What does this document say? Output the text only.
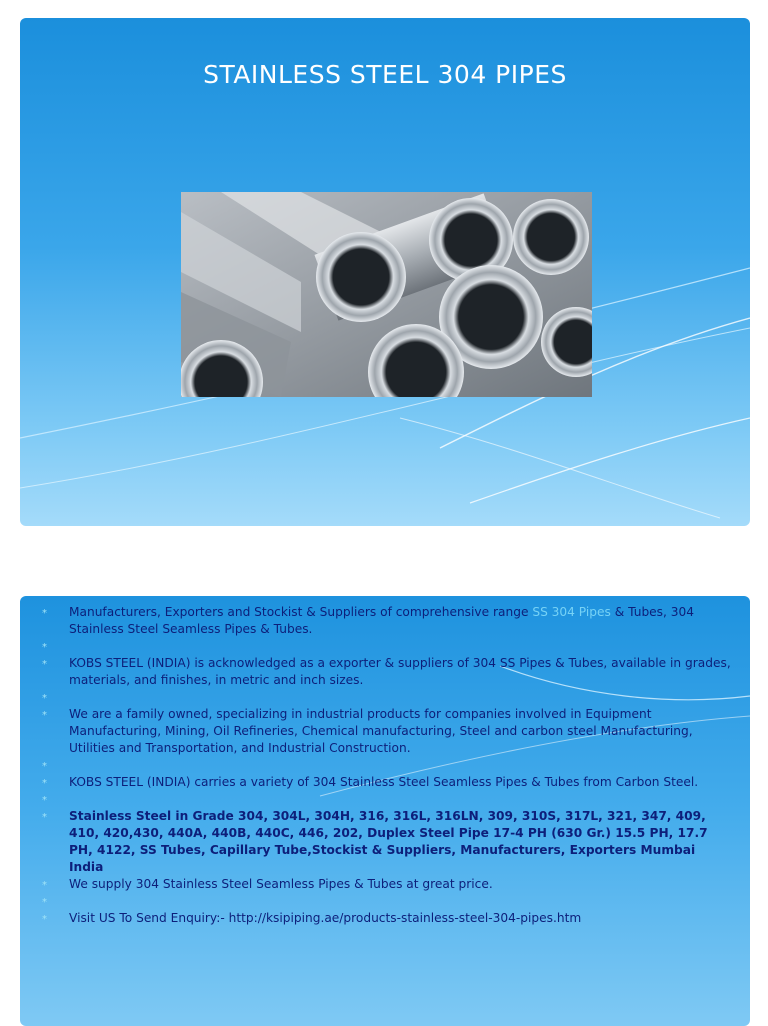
STAINLESS STEEL 304 PIPES
* Manufacturers, Exporters and Stockist & Suppliers of comprehensive range SS 304 Pipes & Tubes, 304 Stainless Steel Seamless Pipes & Tubes.
*

* KOBS STEEL (INDIA) is acknowledged as a exporter & suppliers of 304 SS Pipes & Tubes, available in grades, materials, and finishes, in metric and inch sizes.
*

* We are a family owned, specializing in industrial products for companies involved in Equipment Manufacturing, Mining, Oil Refineries, Chemical manufacturing, Steel and carbon steel Manufacturing, Utilities and Transportation, and Industrial Construction.
*

* KOBS STEEL (INDIA) carries a variety of 304 Stainless Steel Seamless Pipes & Tubes from Carbon Steel.
*

* Stainless Steel in Grade 304, 304L, 304H, 316, 316L, 316LN, 309, 310S, 317L, 321, 347, 409, 410, 420,430, 440A, 440B, 440C, 446, 202, Duplex Steel Pipe 17-4 PH (630 Gr.) 15.5 PH, 17.7 PH, 4122, SS Tubes, Capillary Tube,Stockist & Suppliers, Manufacturers, Exporters Mumbai India
* We supply 304 Stainless Steel Seamless Pipes & Tubes at great price.
*

* Visit US To Send Enquiry:- http://ksipiping.ae/products-stainless-steel-304-pipes.htm
